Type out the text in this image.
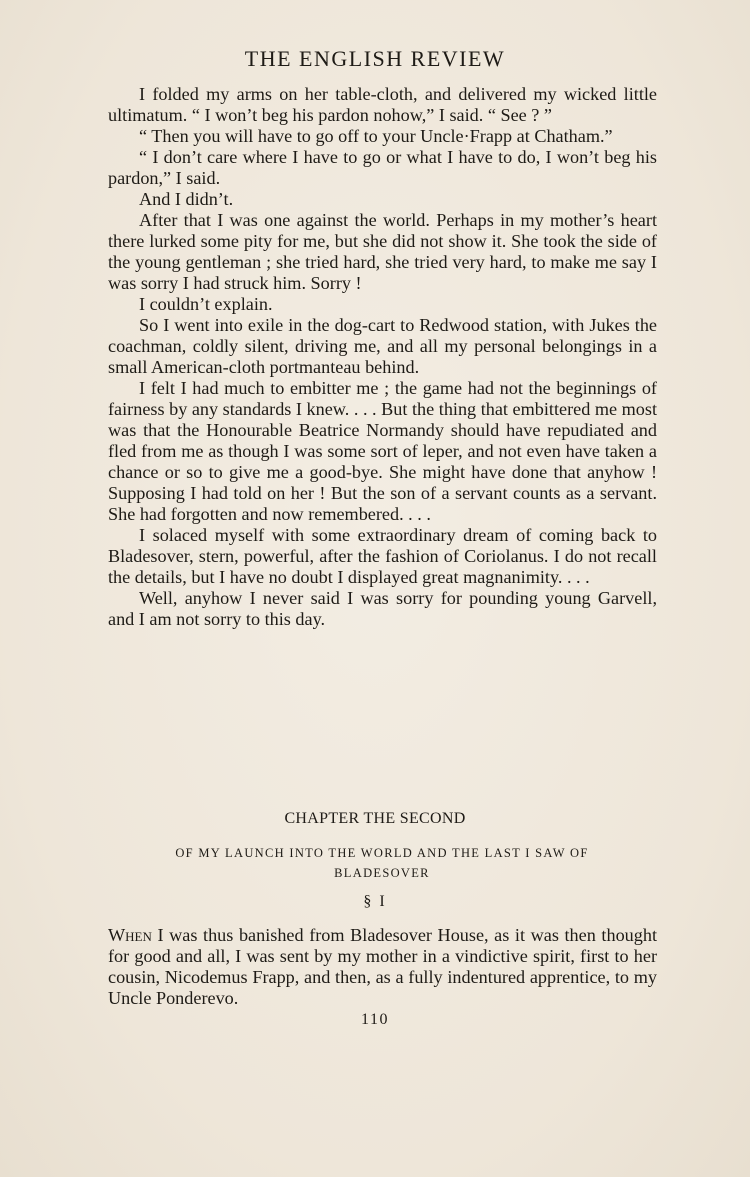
THE ENGLISH REVIEW

I folded my arms on her table-cloth, and delivered my wicked little ultimatum. “ I won’t beg his pardon nohow,” I said. “ See ? ”

“ Then you will have to go off to your Uncle·Frapp at Chatham.”

“ I don’t care where I have to go or what I have to do, I won’t beg his pardon,” I said.

And I didn’t.

After that I was one against the world. Perhaps in my mother’s heart there lurked some pity for me, but she did not show it. She took the side of the young gentleman ; she tried hard, she tried very hard, to make me say I was sorry I had struck him. Sorry !

I couldn’t explain.

So I went into exile in the dog-cart to Redwood station, with Jukes the coachman, coldly silent, driving me, and all my personal belongings in a small American-cloth portmanteau behind.

I felt I had much to embitter me ; the game had not the beginnings of fairness by any standards I knew. . . . But the thing that embittered me most was that the Honourable Beatrice Normandy should have repudiated and fled from me as though I was some sort of leper, and not even have taken a chance or so to give me a good-bye. She might have done that anyhow ! Supposing I had told on her ! But the son of a servant counts as a servant. She had forgotten and now remembered. . . .

I solaced myself with some extraordinary dream of coming back to Bladesover, stern, powerful, after the fashion of Coriolanus. I do not recall the details, but I have no doubt I displayed great magnanimity. . . .

Well, anyhow I never said I was sorry for pounding young Garvell, and I am not sorry to this day.

CHAPTER THE SECOND
OF MY LAUNCH INTO THE WORLD AND THE LAST I SAW OF BLADESOVER
§ I

When I was thus banished from Bladesover House, as it was then thought for good and all, I was sent by my mother in a vindictive spirit, first to her cousin, Nicodemus Frapp, and then, as a fully indentured apprentice, to my Uncle Ponderevo.

110
